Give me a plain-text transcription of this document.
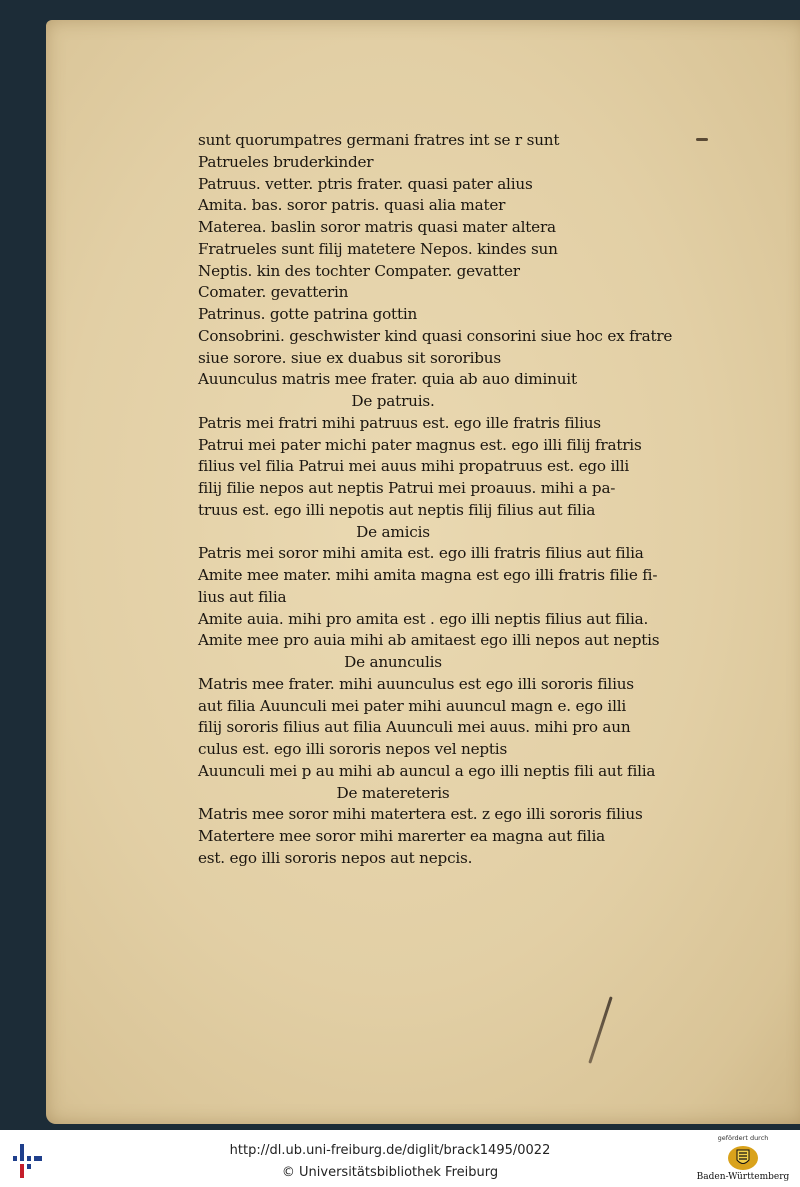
sunt quorumpatres germani fratres int se r sunt
Patrueles bruderkinder
Patruus. vetter. ptris frater. quasi pater alius
Amita. bas. soror patris. quasi alia mater
Materea. baslin soror matris quasi mater altera
Fratrueles sunt filij matetere Nepos. kindes sun
Neptis. kin des tochter Compater. gevatter
Comater. gevatterin
Patrinus. gotte patrina gottin
Consobrini. geschwister kind quasi consorini siue hoc ex fratre
siue sorore. siue ex duabus sit sororibus
Auunculus matris mee frater. quia ab auo diminuit
De patruis.
Patris mei fratri mihi patruus est. ego ille fratris filius
Patrui mei pater michi pater magnus est. ego illi filij fratris
filius vel filia Patrui mei auus mihi propatruus est. ego illi
filij filie nepos aut neptis Patrui mei proauus. mihi a pa-
truus est. ego illi nepotis aut neptis filij filius aut filia
De amicis
Patris mei soror mihi amita est. ego illi fratris filius aut filia
Amite mee mater. mihi amita magna est ego illi fratris filie fi-
lius aut filia
Amite auia. mihi pro amita est . ego illi neptis filius aut filia.
Amite mee pro auia mihi ab amitaest ego illi nepos aut neptis
De anunculis
Matris mee frater. mihi auunculus est ego illi sororis filius
aut filia Auunculi mei pater mihi auuncul magn e. ego illi
filij sororis filius aut filia Auunculi mei auus. mihi pro aun
culus est. ego illi sororis nepos vel neptis
Auunculi mei p au mihi ab auncul a ego illi neptis fili aut filia
De matereteris
Matris mee soror mihi matertera est. z ego illi sororis filius
Matertere mee soror mihi marerter ea magna aut filia
est. ego illi sororis nepos aut nepcis.
http://dl.ub.uni-freiburg.de/diglit/brack1495/0022
© Universitätsbibliothek Freiburg
gefördert durch
Baden-Württemberg
